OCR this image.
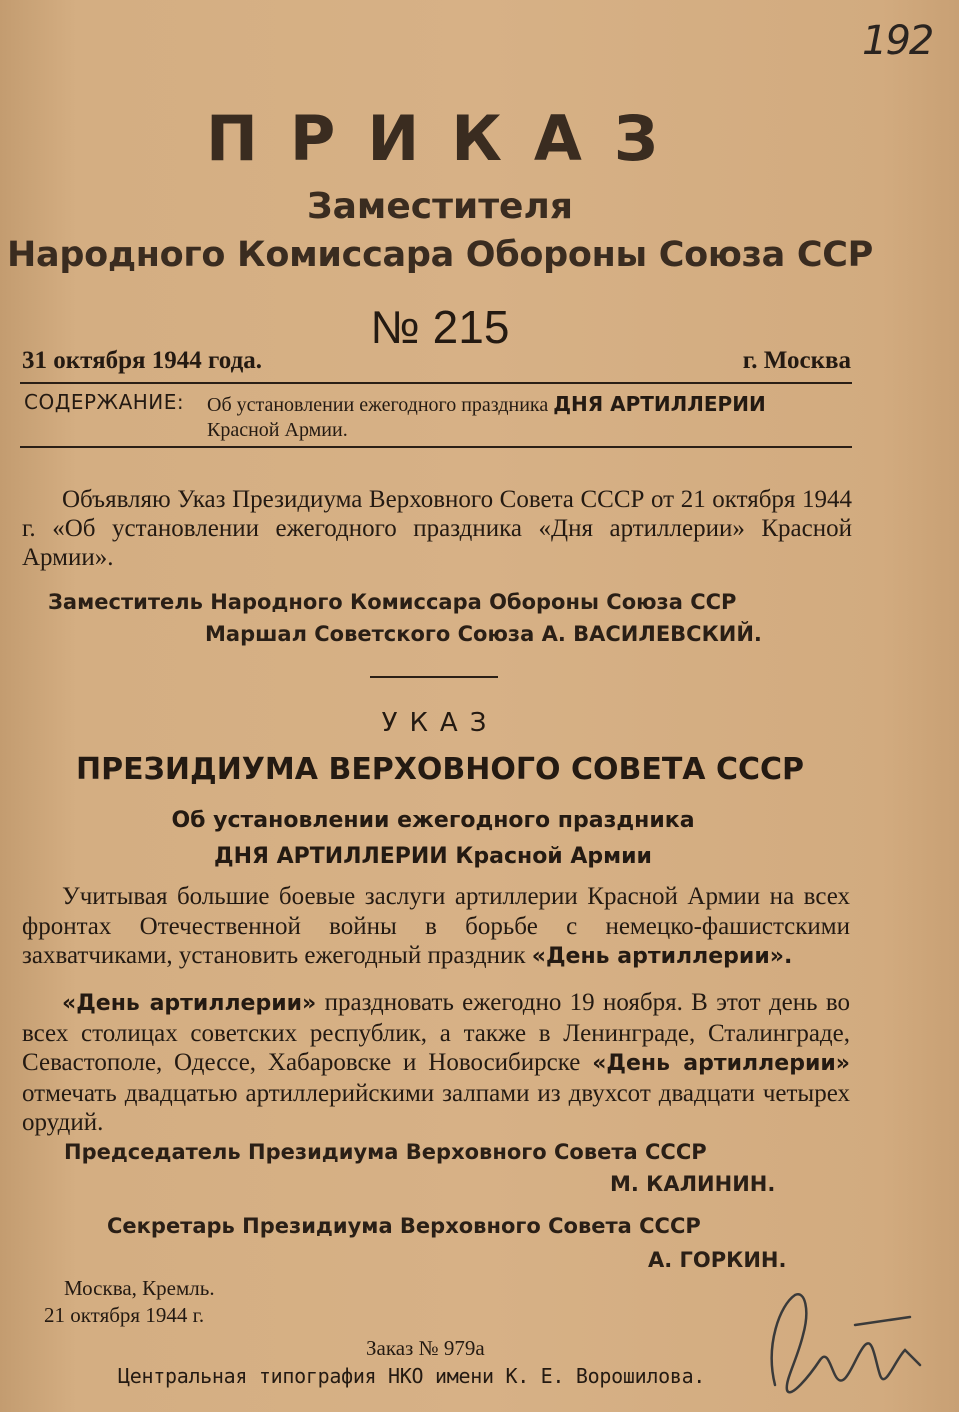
192
ПРИКАЗ
Заместителя
Народного Комиссара Обороны Союза ССР
№ 215
31 октября 1944 года.	г. Москва
СОДЕРЖАНИЕ: Об установлении ежегодного праздника ДНЯ АРТИЛЛЕРИИ
Красной Армии.
Объявляю Указ Президиума Верховного Совета СССР от 21 октября 1944 г. «Об установлении ежегодного праздника «Дня артиллерии» Красной Армии».
Заместитель Народного Комиссара Обороны Союза ССР
Маршал Советского Союза А. ВАСИЛЕВСКИЙ.
УКАЗ
ПРЕЗИДИУМА ВЕРХОВНОГО СОВЕТА СССР
Об установлении ежегодного праздника
ДНЯ АРТИЛЛЕРИИ Красной Армии
Учитывая большие боевые заслуги артиллерии Красной Армии на всех фронтах Отечественной войны в борьбе с немецко-фашистскими захватчиками, установить ежегодный праздник «День артиллерии».
«День артиллерии» праздновать ежегодно 19 ноября. В этот день во всех столицах советских республик, а также в Ленинграде, Сталинграде, Севастополе, Одессе, Хабаровске и Новосибирске «День артиллерии» отмечать двадцатью артиллерийскими залпами из двухсот двадцати четырех орудий.
Председатель Президиума Верховного Совета СССР
М. КАЛИНИН.
Секретарь Президиума Верховного Совета СССР
А. ГОРКИН.
Москва, Кремль.
21 октября 1944 г.
Заказ № 979а
Центральная типография НКО имени К. Е. Ворошилова.
